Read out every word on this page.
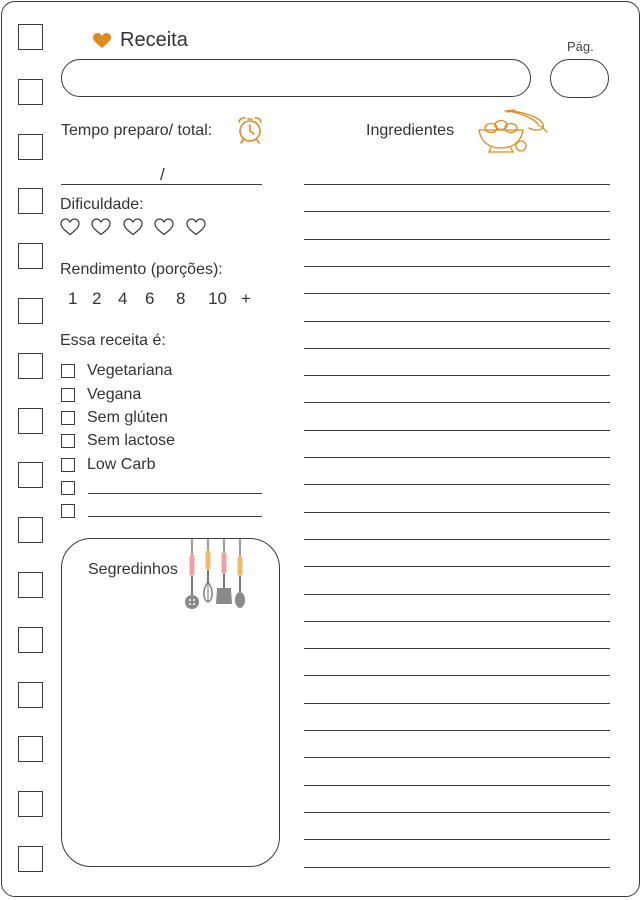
Receita	Pág.
Tempo preparo/ total:
/
Dificuldade:
Rendimento (porções):
1 2 4 6 8 10 +
Essa receita é:
Vegetariana
Vegana
Sem glúten
Sem lactose
Low Carb
Segredinhos
Ingredientes
